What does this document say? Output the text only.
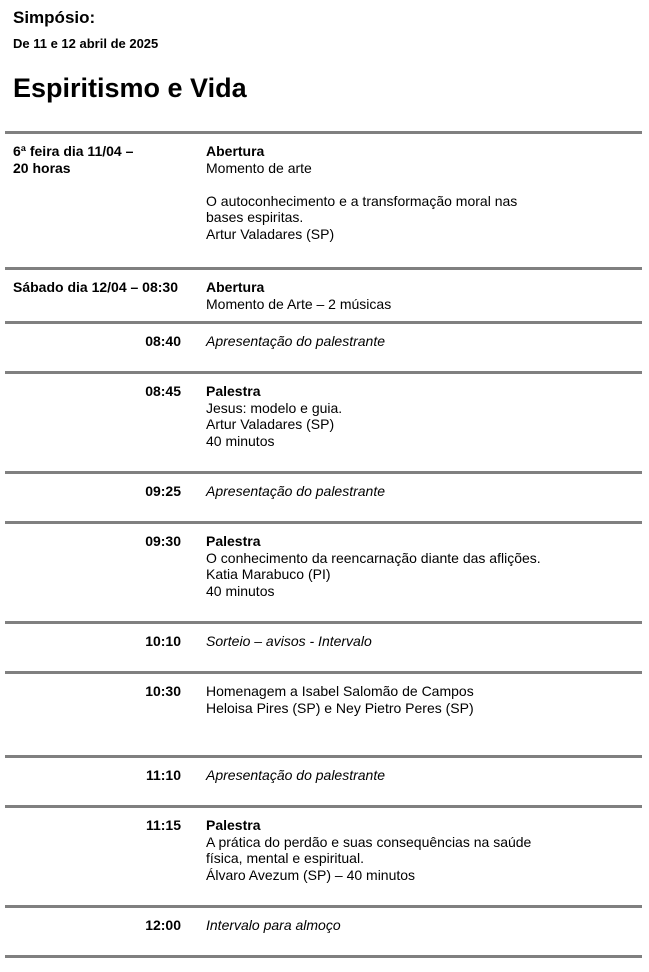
Simpósio:
De 11 e 12 abril de 2025
Espiritismo e Vida
6ª feira dia 11/04 –
20 horas
Abertura
Momento de arte
O autoconhecimento e a transformação moral nas
bases espiritas.
Artur Valadares (SP)
Sábado dia 12/04 – 08:30 Abertura
Momento de Arte – 2 músicas
08:40 Apresentação do palestrante
08:45 Palestra
Jesus: modelo e guia.
Artur Valadares (SP)
40 minutos
09:25 Apresentação do palestrante
09:30 Palestra
O conhecimento da reencarnação diante das aflições.
Katia Marabuco (PI)
40 minutos
10:10 Sorteio – avisos - Intervalo
10:30 Homenagem a Isabel Salomão de Campos
Heloisa Pires (SP) e Ney Pietro Peres (SP)
11:10 Apresentação do palestrante
11:15 Palestra
A prática do perdão e suas consequências na saúde
física, mental e espiritual.
Álvaro Avezum (SP) – 40 minutos
12:00 Intervalo para almoço
